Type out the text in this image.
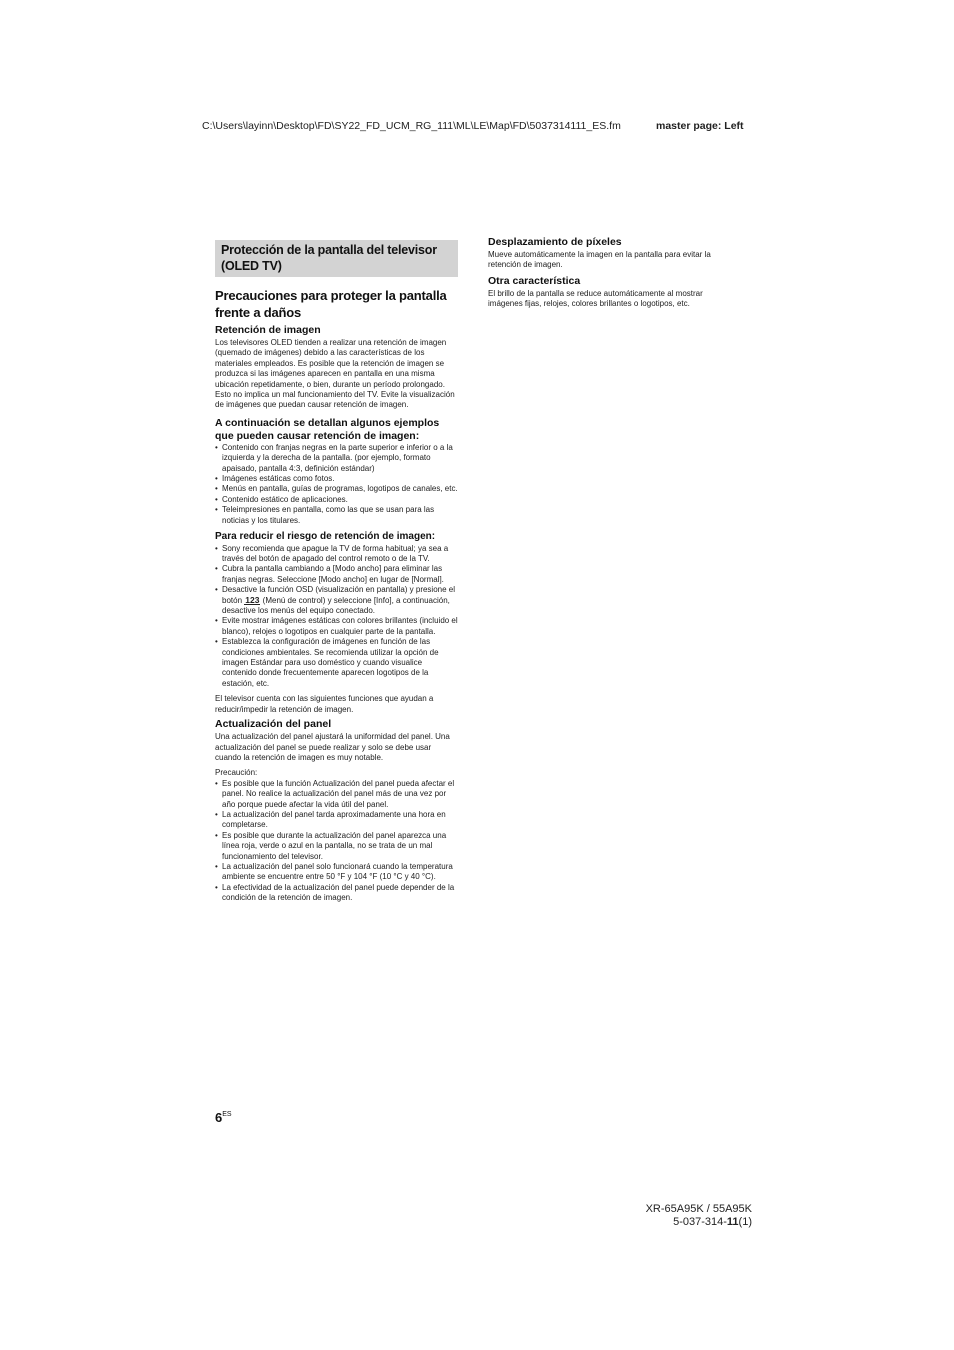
C:\Users\layinn\Desktop\FD\SY22_FD_UCM_RG_111\ML\LE\Map\FD\5037314111_ES.fm	master page: Left
Protección de la pantalla del televisor (OLED TV)
Precauciones para proteger la pantalla frente a daños
Retención de imagen

Los televisores OLED tienden a realizar una retención de imagen (quemado de imágenes) debido a las características de los materiales empleados. Es posible que la retención de imagen se produzca si las imágenes aparecen en pantalla en una misma ubicación repetidamente, o bien, durante un período prolongado. Esto no implica un mal funcionamiento del TV. Evite la visualización de imágenes que puedan causar retención de imagen.

A continuación se detallan algunos ejemplos que pueden causar retención de imagen:
• Contenido con franjas negras en la parte superior e inferior o a la izquierda y la derecha de la pantalla. (por ejemplo, formato apaisado, pantalla 4:3, definición estándar)
• Imágenes estáticas como fotos.
• Menús en pantalla, guías de programas, logotipos de canales, etc.
• Contenido estático de aplicaciones.
• Teleimpresiones en pantalla, como las que se usan para las noticias y los titulares.
Para reducir el riesgo de retención de imagen:
• Sony recomienda que apague la TV de forma habitual; ya sea a través del botón de apagado del control remoto o de la TV.
• Cubra la pantalla cambiando a [Modo ancho] para eliminar las franjas negras. Seleccione [Modo ancho] en lugar de [Normal].
• Desactive la función OSD (visualización en pantalla) y presione el botón 123 (Menú de control) y seleccione [Info], a continuación, desactive los menús del equipo conectado.
• Evite mostrar imágenes estáticas con colores brillantes (incluido el blanco), relojes o logotipos en cualquier parte de la pantalla.
• Establezca la configuración de imágenes en función de las condiciones ambientales. Se recomienda utilizar la opción de imagen Estándar para uso doméstico y cuando visualice contenido donde frecuentemente aparecen logotipos de la estación, etc.

El televisor cuenta con las siguientes funciones que ayudan a reducir/impedir la retención de imagen.

Actualización del panel

Una actualización del panel ajustará la uniformidad del panel. Una actualización del panel se puede realizar y solo se debe usar cuando la retención de imagen es muy notable.

Precaución:

• Es posible que la función Actualización del panel pueda afectar el panel. No realice la actualización del panel más de una vez por año porque puede afectar la vida útil del panel.
• La actualización del panel tarda aproximadamente una hora en completarse.
• Es posible que durante la actualización del panel aparezca una línea roja, verde o azul en la pantalla, no se trata de un mal funcionamiento del televisor.
• La actualización del panel solo funcionará cuando la temperatura ambiente se encuentre entre 50 °F y 104 °F (10 °C y 40 °C).
• La efectividad de la actualización del panel puede depender de la condición de la retención de imagen.
Desplazamiento de píxeles

Mueve automáticamente la imagen en la pantalla para evitar la retención de imagen.

Otra característica

El brillo de la pantalla se reduce automáticamente al mostrar imágenes fijas, relojes, colores brillantes o logotipos, etc.

$6^{ES}$
XR-65A95K / 55A95K
5-037-314-11(1)
